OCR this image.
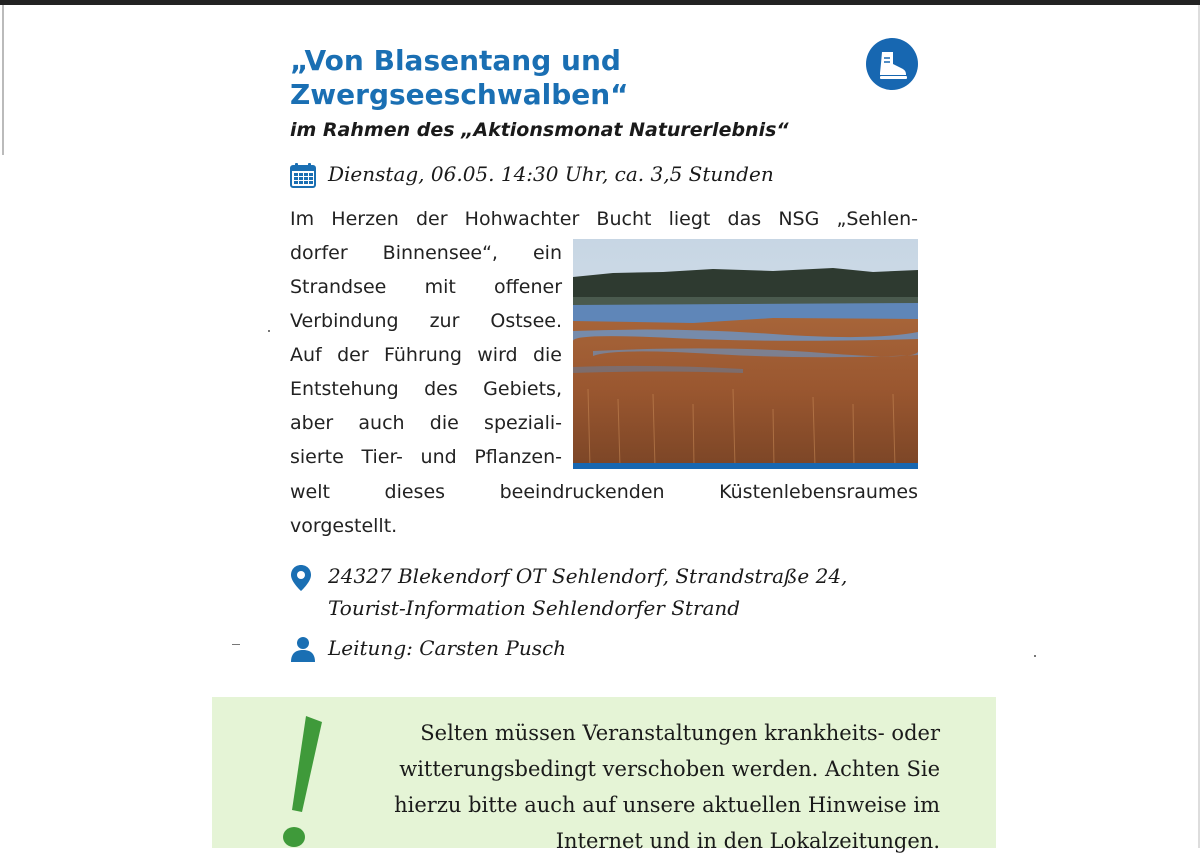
„Von Blasentang und
Zwergseeschwalben“
im Rahmen des „Aktionsmonat Naturerlebnis“
Dienstag, 06.05. 14:30 Uhr, ca. 3,5 Stunden
Im Herzen der Hohwachter Bucht liegt das NSG „Sehlen-
dorfer Binnensee“, ein
Strandsee mit offener
Verbindung zur Ostsee.
Auf der Führung wird die
Entstehung des Gebiets,
aber auch die speziali-
sierte Tier- und Pflanzen-
welt dieses beeindruckenden Küstenlebensraumes
vorgestellt.
24327 Blekendorf OT Sehlendorf, Strandstraße 24,
Tourist-Information Sehlendorfer Strand
Leitung: Carsten Pusch
Selten müssen Veranstaltungen krankheits- oder
witterungsbedingt verschoben werden. Achten Sie
hierzu bitte auch auf unsere aktuellen Hinweise im
Internet und in den Lokalzeitungen.
